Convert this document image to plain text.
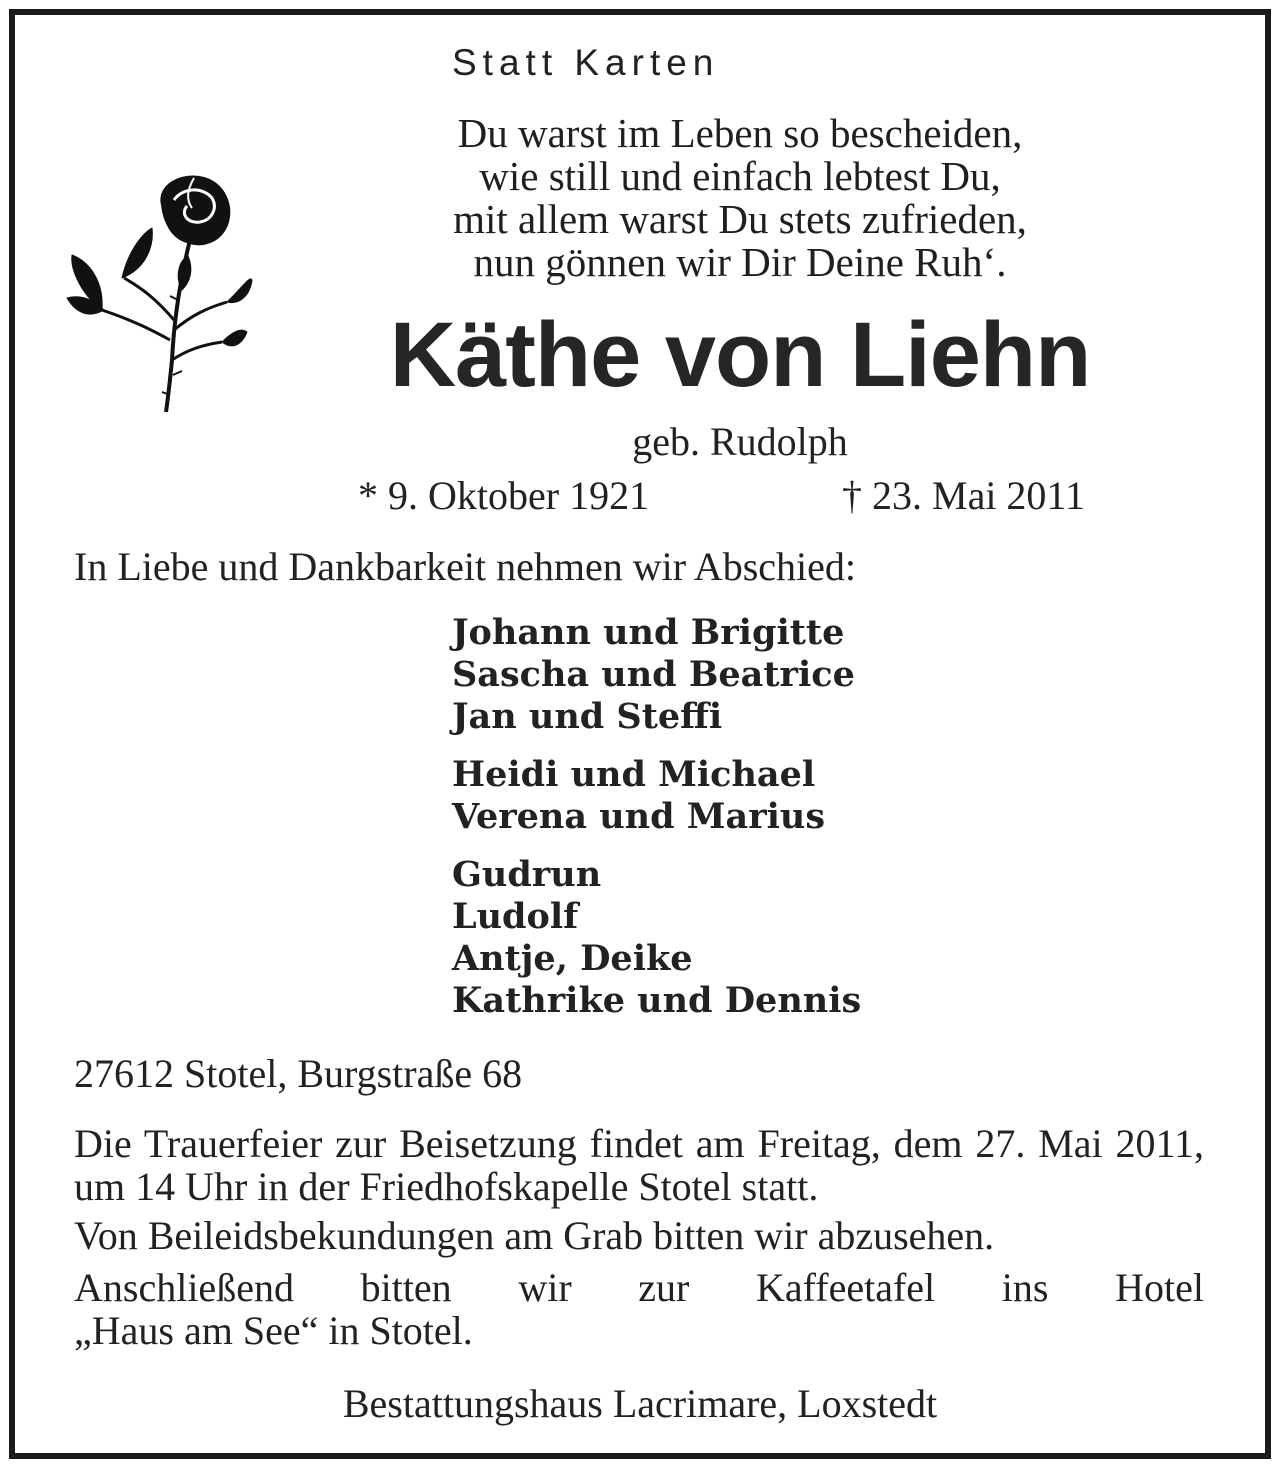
Statt Karten
Du warst im Leben so bescheiden,
wie still und einfach lebtest Du,
mit allem warst Du stets zufrieden,
nun gönnen wir Dir Deine Ruh‘.
Käthe von Liehn
geb. Rudolph
* 9. Oktober 1921	† 23. Mai 2011
In Liebe und Dankbarkeit nehmen wir Abschied:
Johann und Brigitte
Sascha und Beatrice
Jan und Steffi
Heidi und Michael
Verena und Marius
Gudrun
Ludolf
Antje, Deike
Kathrike und Dennis
27612 Stotel, Burgstraße 68
Die Trauerfeier zur Beisetzung findet am Freitag, dem 27. Mai 2011, um 14 Uhr in der Friedhofskapelle Stotel statt.
Von Beileidsbekundungen am Grab bitten wir abzusehen.
Anschließend bitten wir zur Kaffeetafel ins Hotel
„Haus am See“ in Stotel.
Bestattungshaus Lacrimare, Loxstedt
